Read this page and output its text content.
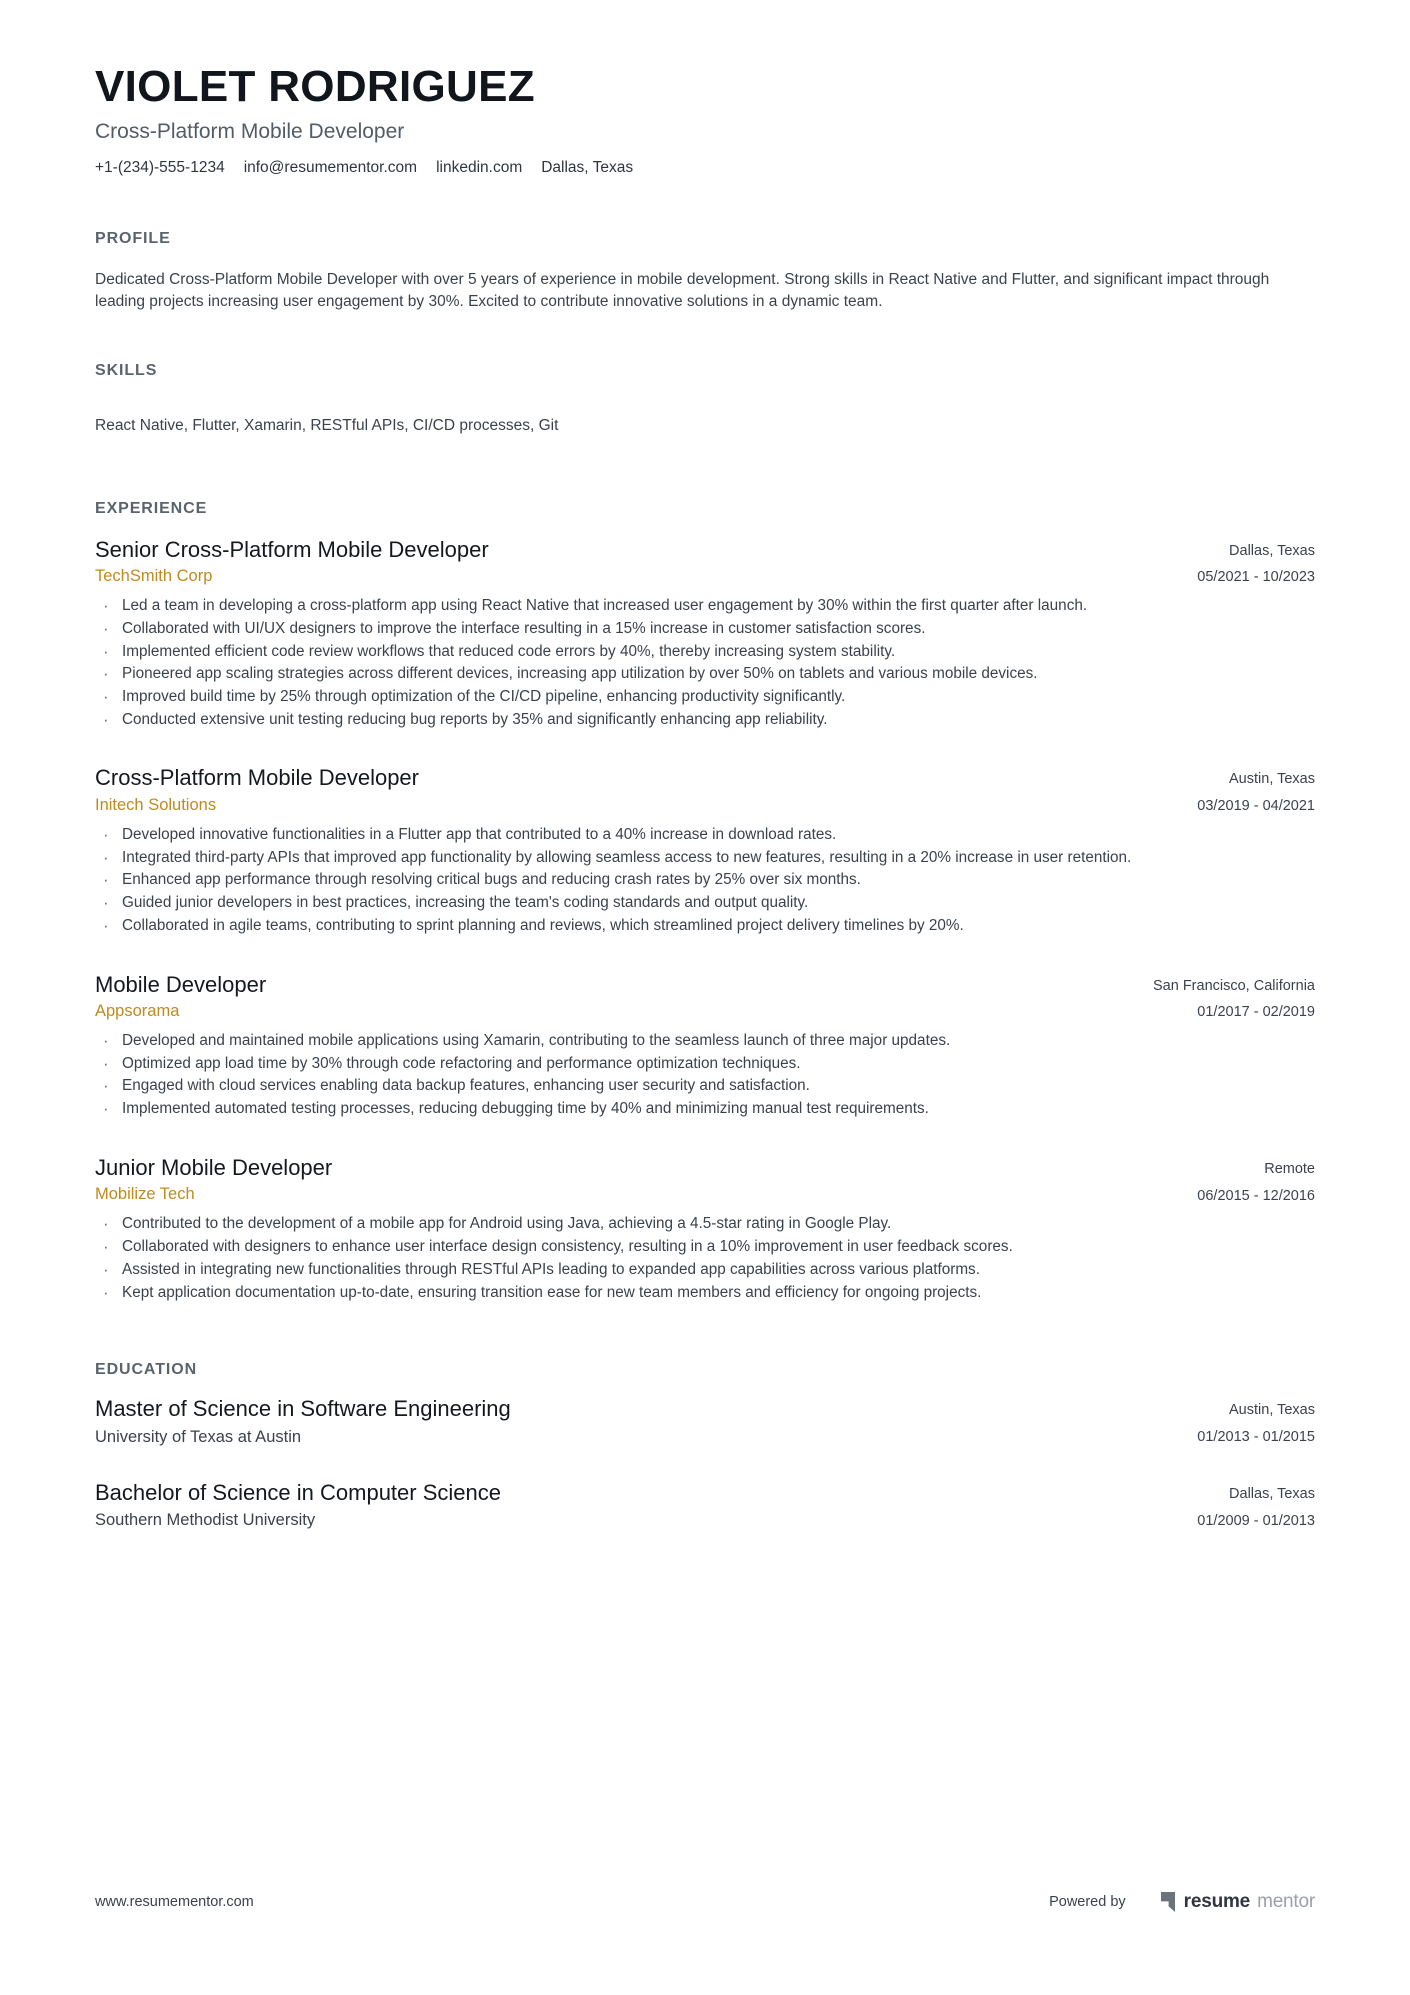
VIOLET RODRIGUEZ
Cross-Platform Mobile Developer
+1-(234)-555-1234 info@resumementor.com linkedin.com Dallas, Texas
PROFILE
Dedicated Cross-Platform Mobile Developer with over 5 years of experience in mobile development. Strong skills in React Native and Flutter, and significant impact through leading projects increasing user engagement by 30%. Excited to contribute innovative solutions in a dynamic team.
SKILLS
React Native, Flutter, Xamarin, RESTful APIs, CI/CD processes, Git
EXPERIENCE
Senior Cross-Platform Mobile Developer
TechSmith Corp
Dallas, Texas
05/2021 - 10/2023
· Led a team in developing a cross-platform app using React Native that increased user engagement by 30% within the first quarter after launch.
· Collaborated with UI/UX designers to improve the interface resulting in a 15% increase in customer satisfaction scores.
· Implemented efficient code review workflows that reduced code errors by 40%, thereby increasing system stability.
· Pioneered app scaling strategies across different devices, increasing app utilization by over 50% on tablets and various mobile devices.
· Improved build time by 25% through optimization of the CI/CD pipeline, enhancing productivity significantly.
· Conducted extensive unit testing reducing bug reports by 35% and significantly enhancing app reliability.
Cross-Platform Mobile Developer
Initech Solutions
Austin, Texas
03/2019 - 04/2021
· Developed innovative functionalities in a Flutter app that contributed to a 40% increase in download rates.
· Integrated third-party APIs that improved app functionality by allowing seamless access to new features, resulting in a 20% increase in user retention.
· Enhanced app performance through resolving critical bugs and reducing crash rates by 25% over six months.
· Guided junior developers in best practices, increasing the team's coding standards and output quality.
· Collaborated in agile teams, contributing to sprint planning and reviews, which streamlined project delivery timelines by 20%.
Mobile Developer
Appsorama
San Francisco, California
01/2017 - 02/2019
· Developed and maintained mobile applications using Xamarin, contributing to the seamless launch of three major updates.
· Optimized app load time by 30% through code refactoring and performance optimization techniques.
· Engaged with cloud services enabling data backup features, enhancing user security and satisfaction.
· Implemented automated testing processes, reducing debugging time by 40% and minimizing manual test requirements.
Junior Mobile Developer
Mobilize Tech
Remote
06/2015 - 12/2016
· Contributed to the development of a mobile app for Android using Java, achieving a 4.5-star rating in Google Play.
· Collaborated with designers to enhance user interface design consistency, resulting in a 10% improvement in user feedback scores.
· Assisted in integrating new functionalities through RESTful APIs leading to expanded app capabilities across various platforms.
· Kept application documentation up-to-date, ensuring transition ease for new team members and efficiency for ongoing projects.
EDUCATION
Master of Science in Software Engineering
University of Texas at Austin
Austin, Texas
01/2013 - 01/2015
Bachelor of Science in Computer Science
Southern Methodist University
Dallas, Texas
01/2009 - 01/2013
www.resumementor.com	Powered by	resume mentor
